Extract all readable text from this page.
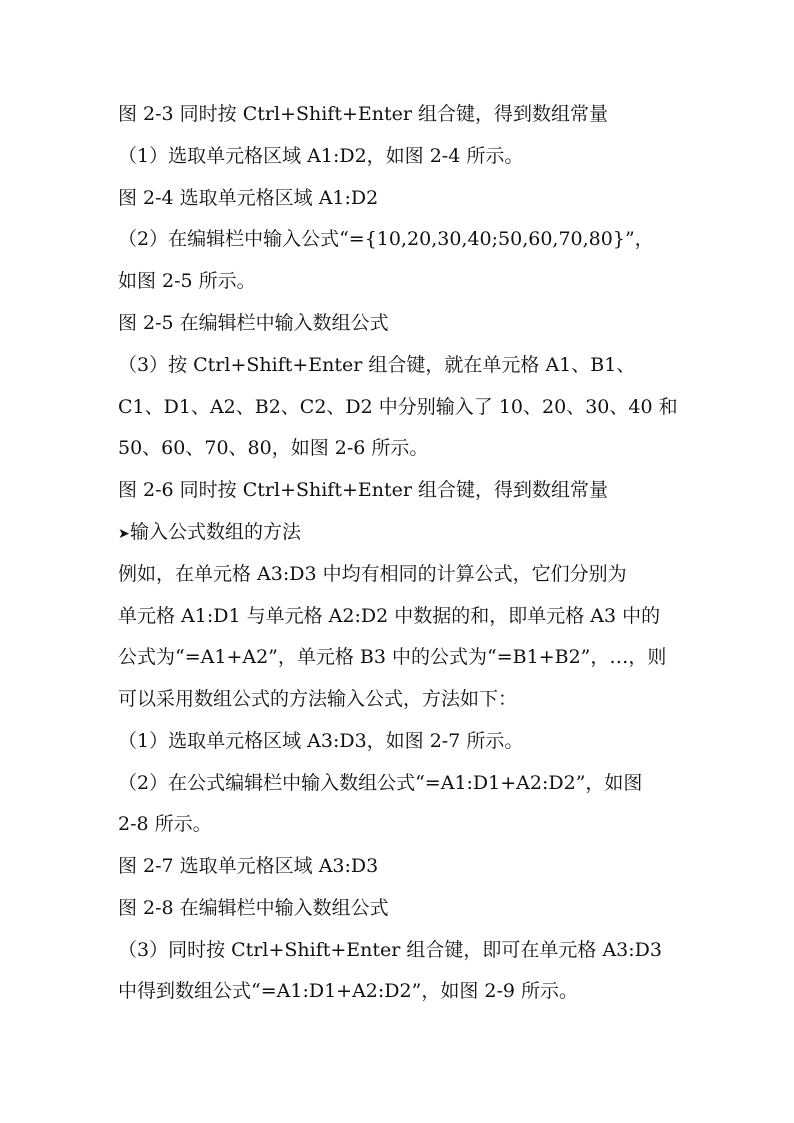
图 2-3 同时按 Ctrl+Shift+Enter 组合键，得到数组常量
（1）选取单元格区域 A1:D2，如图 2-4 所示。
图 2-4 选取单元格区域 A1:D2
（2）在编辑栏中输入公式“={10,20,30,40;50,60,70,80}”，
如图 2-5 所示。
图 2-5 在编辑栏中输入数组公式
（3）按 Ctrl+Shift+Enter 组合键，就在单元格 A1、B1、
C1、D1、A2、B2、C2、D2 中分别输入了 10、20、30、40 和
50、60、70、80，如图 2-6 所示。
图 2-6 同时按 Ctrl+Shift+Enter 组合键，得到数组常量
➤输入公式数组的方法
例如，在单元格 A3:D3 中均有相同的计算公式，它们分别为
单元格 A1:D1 与单元格 A2:D2 中数据的和，即单元格 A3 中的
公式为“=A1+A2”，单元格 B3 中的公式为“=B1+B2”，…，则
可以采用数组公式的方法输入公式，方法如下：
（1）选取单元格区域 A3:D3，如图 2-7 所示。
（2）在公式编辑栏中输入数组公式“=A1:D1+A2:D2”，如图
2-8 所示。
图 2-7 选取单元格区域 A3:D3
图 2-8 在编辑栏中输入数组公式
（3）同时按 Ctrl+Shift+Enter 组合键，即可在单元格 A3:D3
中得到数组公式“=A1:D1+A2:D2”，如图 2-9 所示。
